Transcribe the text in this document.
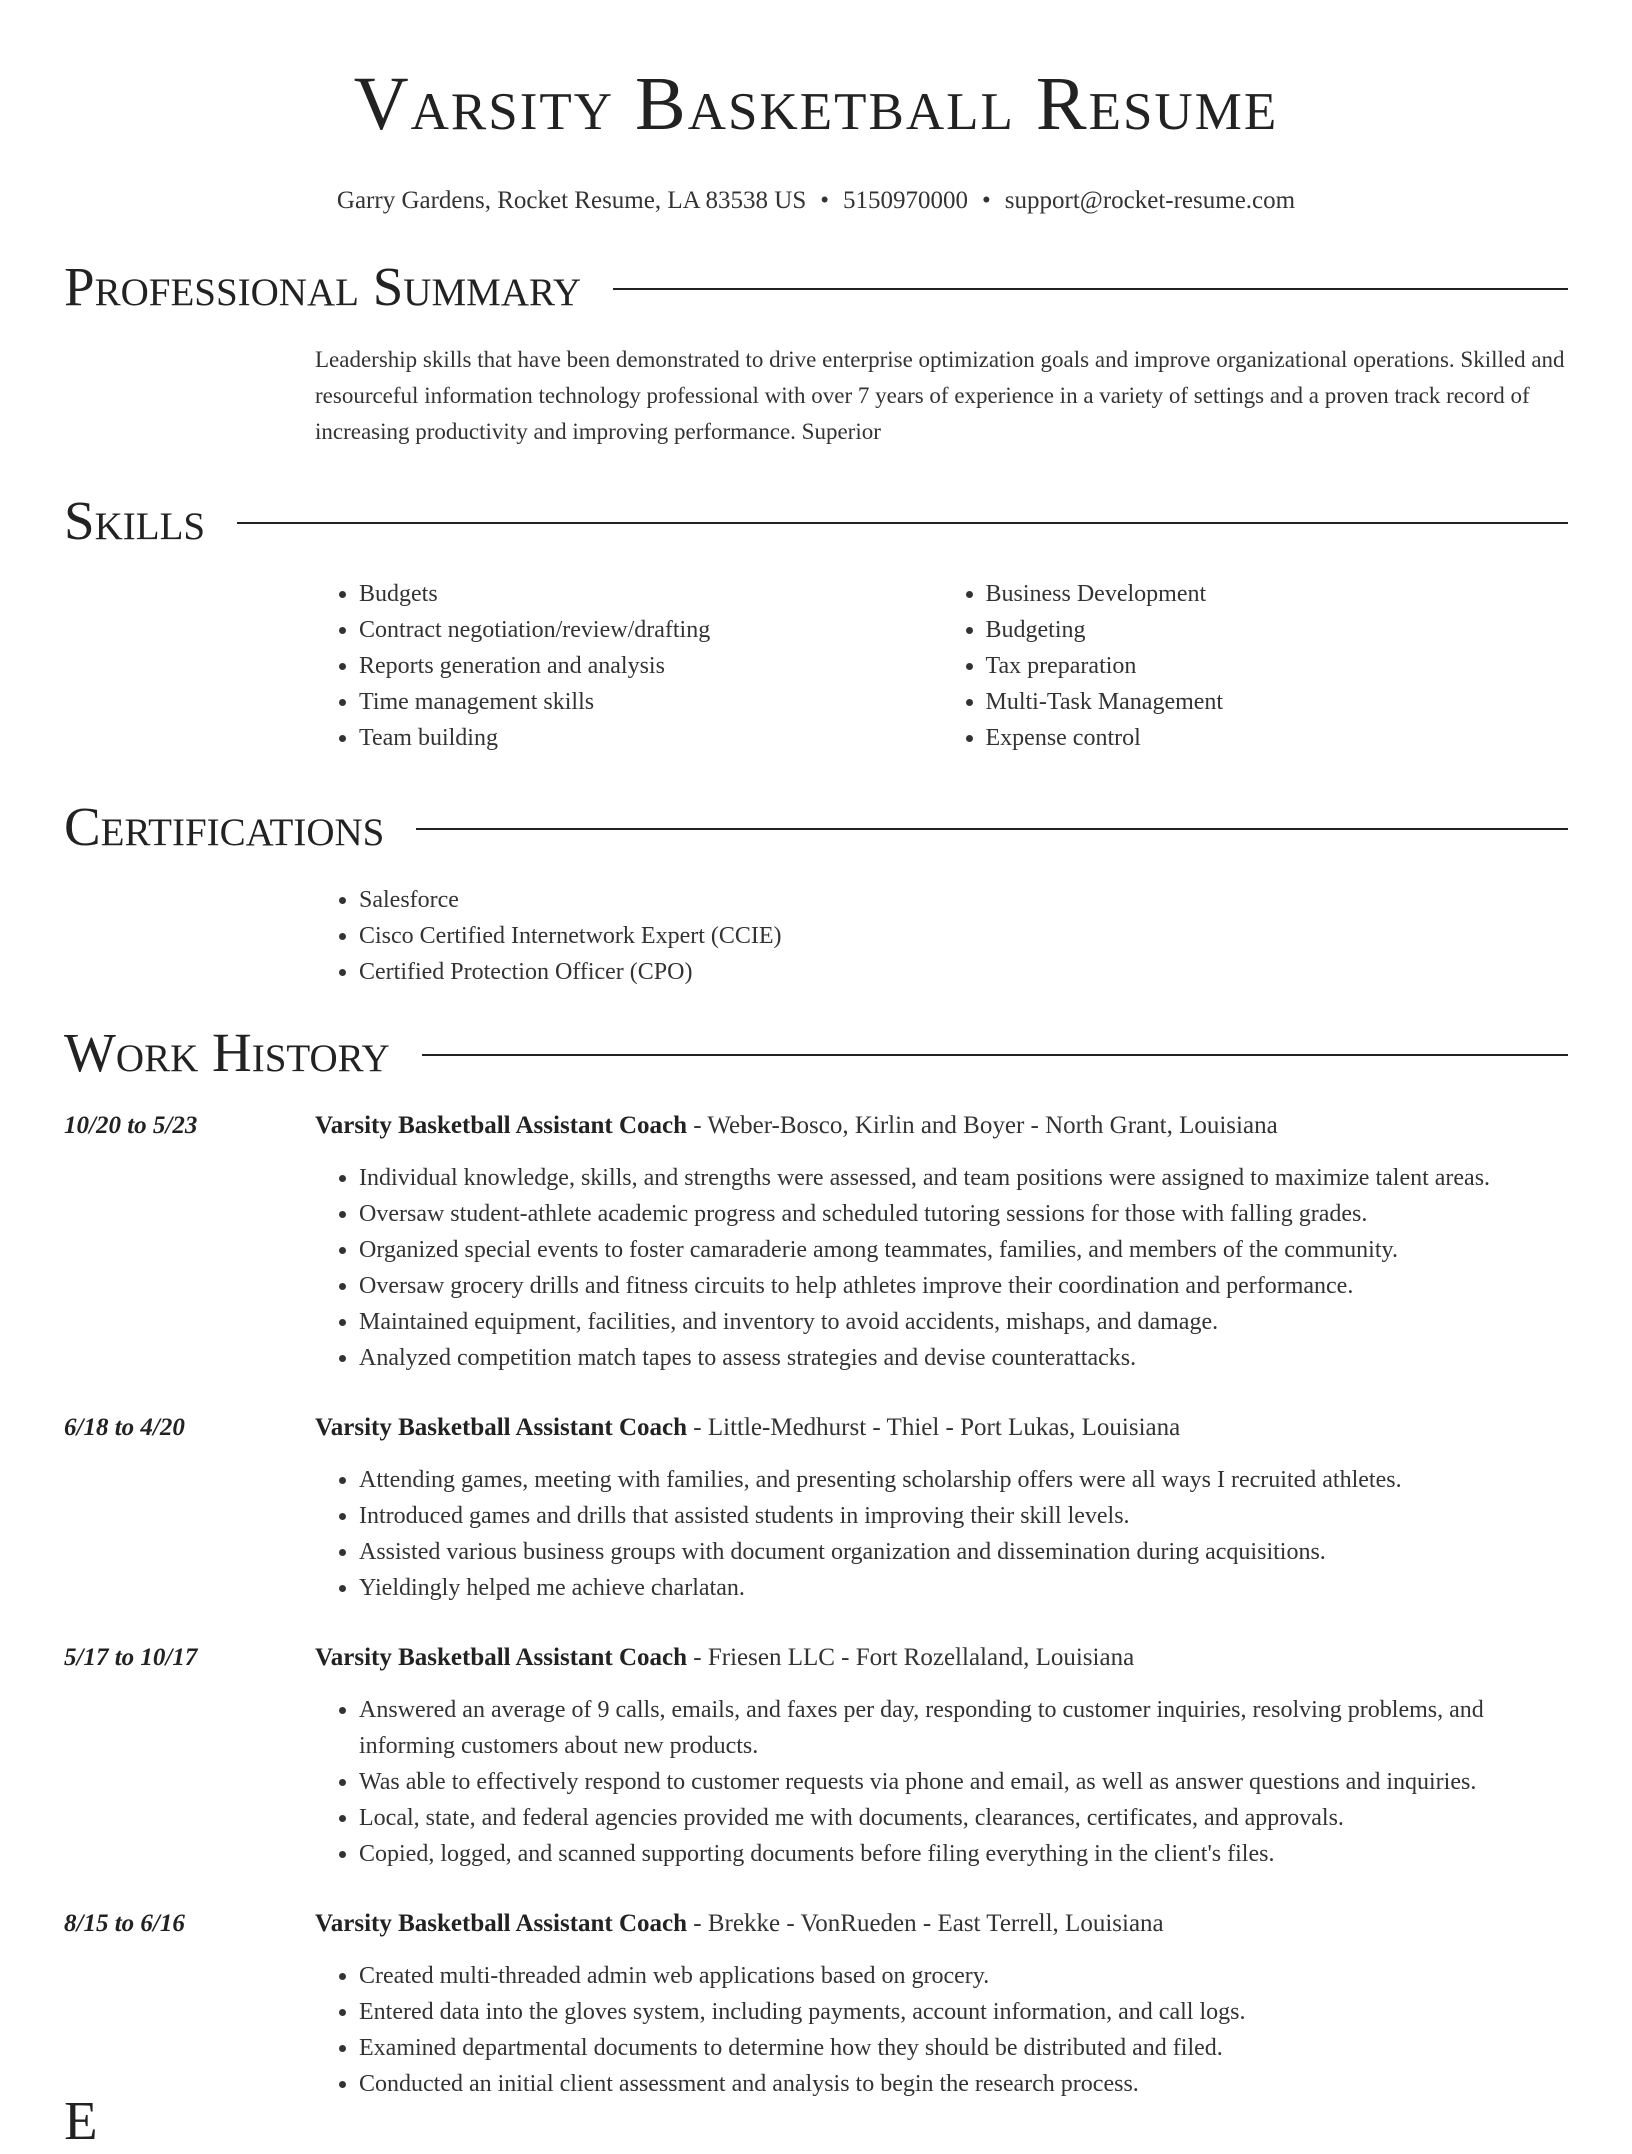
Varsity Basketball Resume
Garry Gardens, Rocket Resume, LA 83538 US • 5150970000 • support@rocket-resume.com
Professional Summary

Leadership skills that have been demonstrated to drive enterprise optimization goals and improve organizational operations. Skilled and resourceful information technology professional with over 7 years of experience in a variety of settings and a proven track record of increasing productivity and improving performance. Superior

Skills
• Budgets
• Contract negotiation/review/drafting
• Reports generation and analysis
• Time management skills
• Team building
• Business Development
• Budgeting
• Tax preparation
• Multi-Task Management
• Expense control
Certifications
• Salesforce
• Cisco Certified Internetwork Expert (CCIE)
• Certified Protection Officer (CPO)
Work History
10/20 to 5/23	Varsity Basketball Assistant Coach - Weber-Bosco, Kirlin and Boyer - North Grant, Louisiana
• Individual knowledge, skills, and strengths were assessed, and team positions were assigned to maximize talent areas.
• Oversaw student-athlete academic progress and scheduled tutoring sessions for those with falling grades.
• Organized special events to foster camaraderie among teammates, families, and members of the community.
• Oversaw grocery drills and fitness circuits to help athletes improve their coordination and performance.
• Maintained equipment, facilities, and inventory to avoid accidents, mishaps, and damage.
• Analyzed competition match tapes to assess strategies and devise counterattacks.
6/18 to 4/20	Varsity Basketball Assistant Coach - Little-Medhurst - Thiel - Port Lukas, Louisiana
• Attending games, meeting with families, and presenting scholarship offers were all ways I recruited athletes.
• Introduced games and drills that assisted students in improving their skill levels.
• Assisted various business groups with document organization and dissemination during acquisitions.
• Yieldingly helped me achieve charlatan.
5/17 to 10/17	Varsity Basketball Assistant Coach - Friesen LLC - Fort Rozellaland, Louisiana
• Answered an average of 9 calls, emails, and faxes per day, responding to customer inquiries, resolving problems, and informing customers about new products.
• Was able to effectively respond to customer requests via phone and email, as well as answer questions and inquiries.
• Local, state, and federal agencies provided me with documents, clearances, certificates, and approvals.
• Copied, logged, and scanned supporting documents before filing everything in the client's files.
8/15 to 6/16	Varsity Basketball Assistant Coach - Brekke - VonRueden - East Terrell, Louisiana
• Created multi-threaded admin web applications based on grocery.
• Entered data into the gloves system, including payments, account information, and call logs.
• Examined departmental documents to determine how they should be distributed and filed.
• Conducted an initial client assessment and analysis to begin the research process.
E
